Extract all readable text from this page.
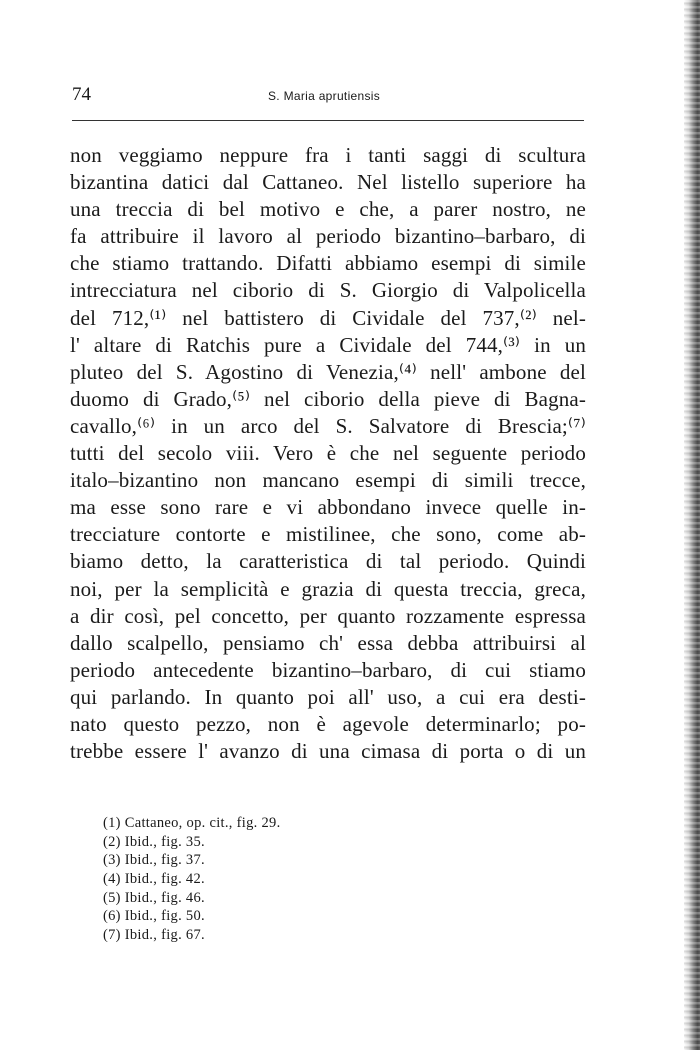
74	S. Maria aprutiensis
non veggiamo neppure fra i tanti saggi di scultura
bizantina datici dal Cattaneo. Nel listello superiore ha
una treccia di bel motivo e che, a parer nostro, ne
fa attribuire il lavoro al periodo bizantino–barbaro, di
che stiamo trattando. Difatti abbiamo esempi di simile
intrecciatura nel ciborio di S. Giorgio di Valpolicella
del 712,⁽¹⁾ nel battistero di Cividale del 737,⁽²⁾ nel-
l' altare di Ratchis pure a Cividale del 744,⁽³⁾ in un
pluteo del S. Agostino di Venezia,⁽⁴⁾ nell' ambone del
duomo di Grado,⁽⁵⁾ nel ciborio della pieve di Bagna-
cavallo,⁽⁶⁾ in un arco del S. Salvatore di Brescia;⁽⁷⁾
tutti del secolo viii. Vero è che nel seguente periodo
italo–bizantino non mancano esempi di simili trecce,
ma esse sono rare e vi abbondano invece quelle in-
trecciature contorte e mistilinee, che sono, come ab-
biamo detto, la caratteristica di tal periodo. Quindi
noi, per la semplicità e grazia di questa treccia, greca,
a dir così, pel concetto, per quanto rozzamente espressa
dallo scalpello, pensiamo ch' essa debba attribuirsi al
periodo antecedente bizantino–barbaro, di cui stiamo
qui parlando. In quanto poi all' uso, a cui era desti-
nato questo pezzo, non è agevole determinarlo; po-
trebbe essere l' avanzo di una cimasa di porta o di un
(1) Cattaneo, op. cit., fig. 29.
(2) Ibid., fig. 35.
(3) Ibid., fig. 37.
(4) Ibid., fig. 42.
(5) Ibid., fig. 46.
(6) Ibid., fig. 50.
(7) Ibid., fig. 67.
